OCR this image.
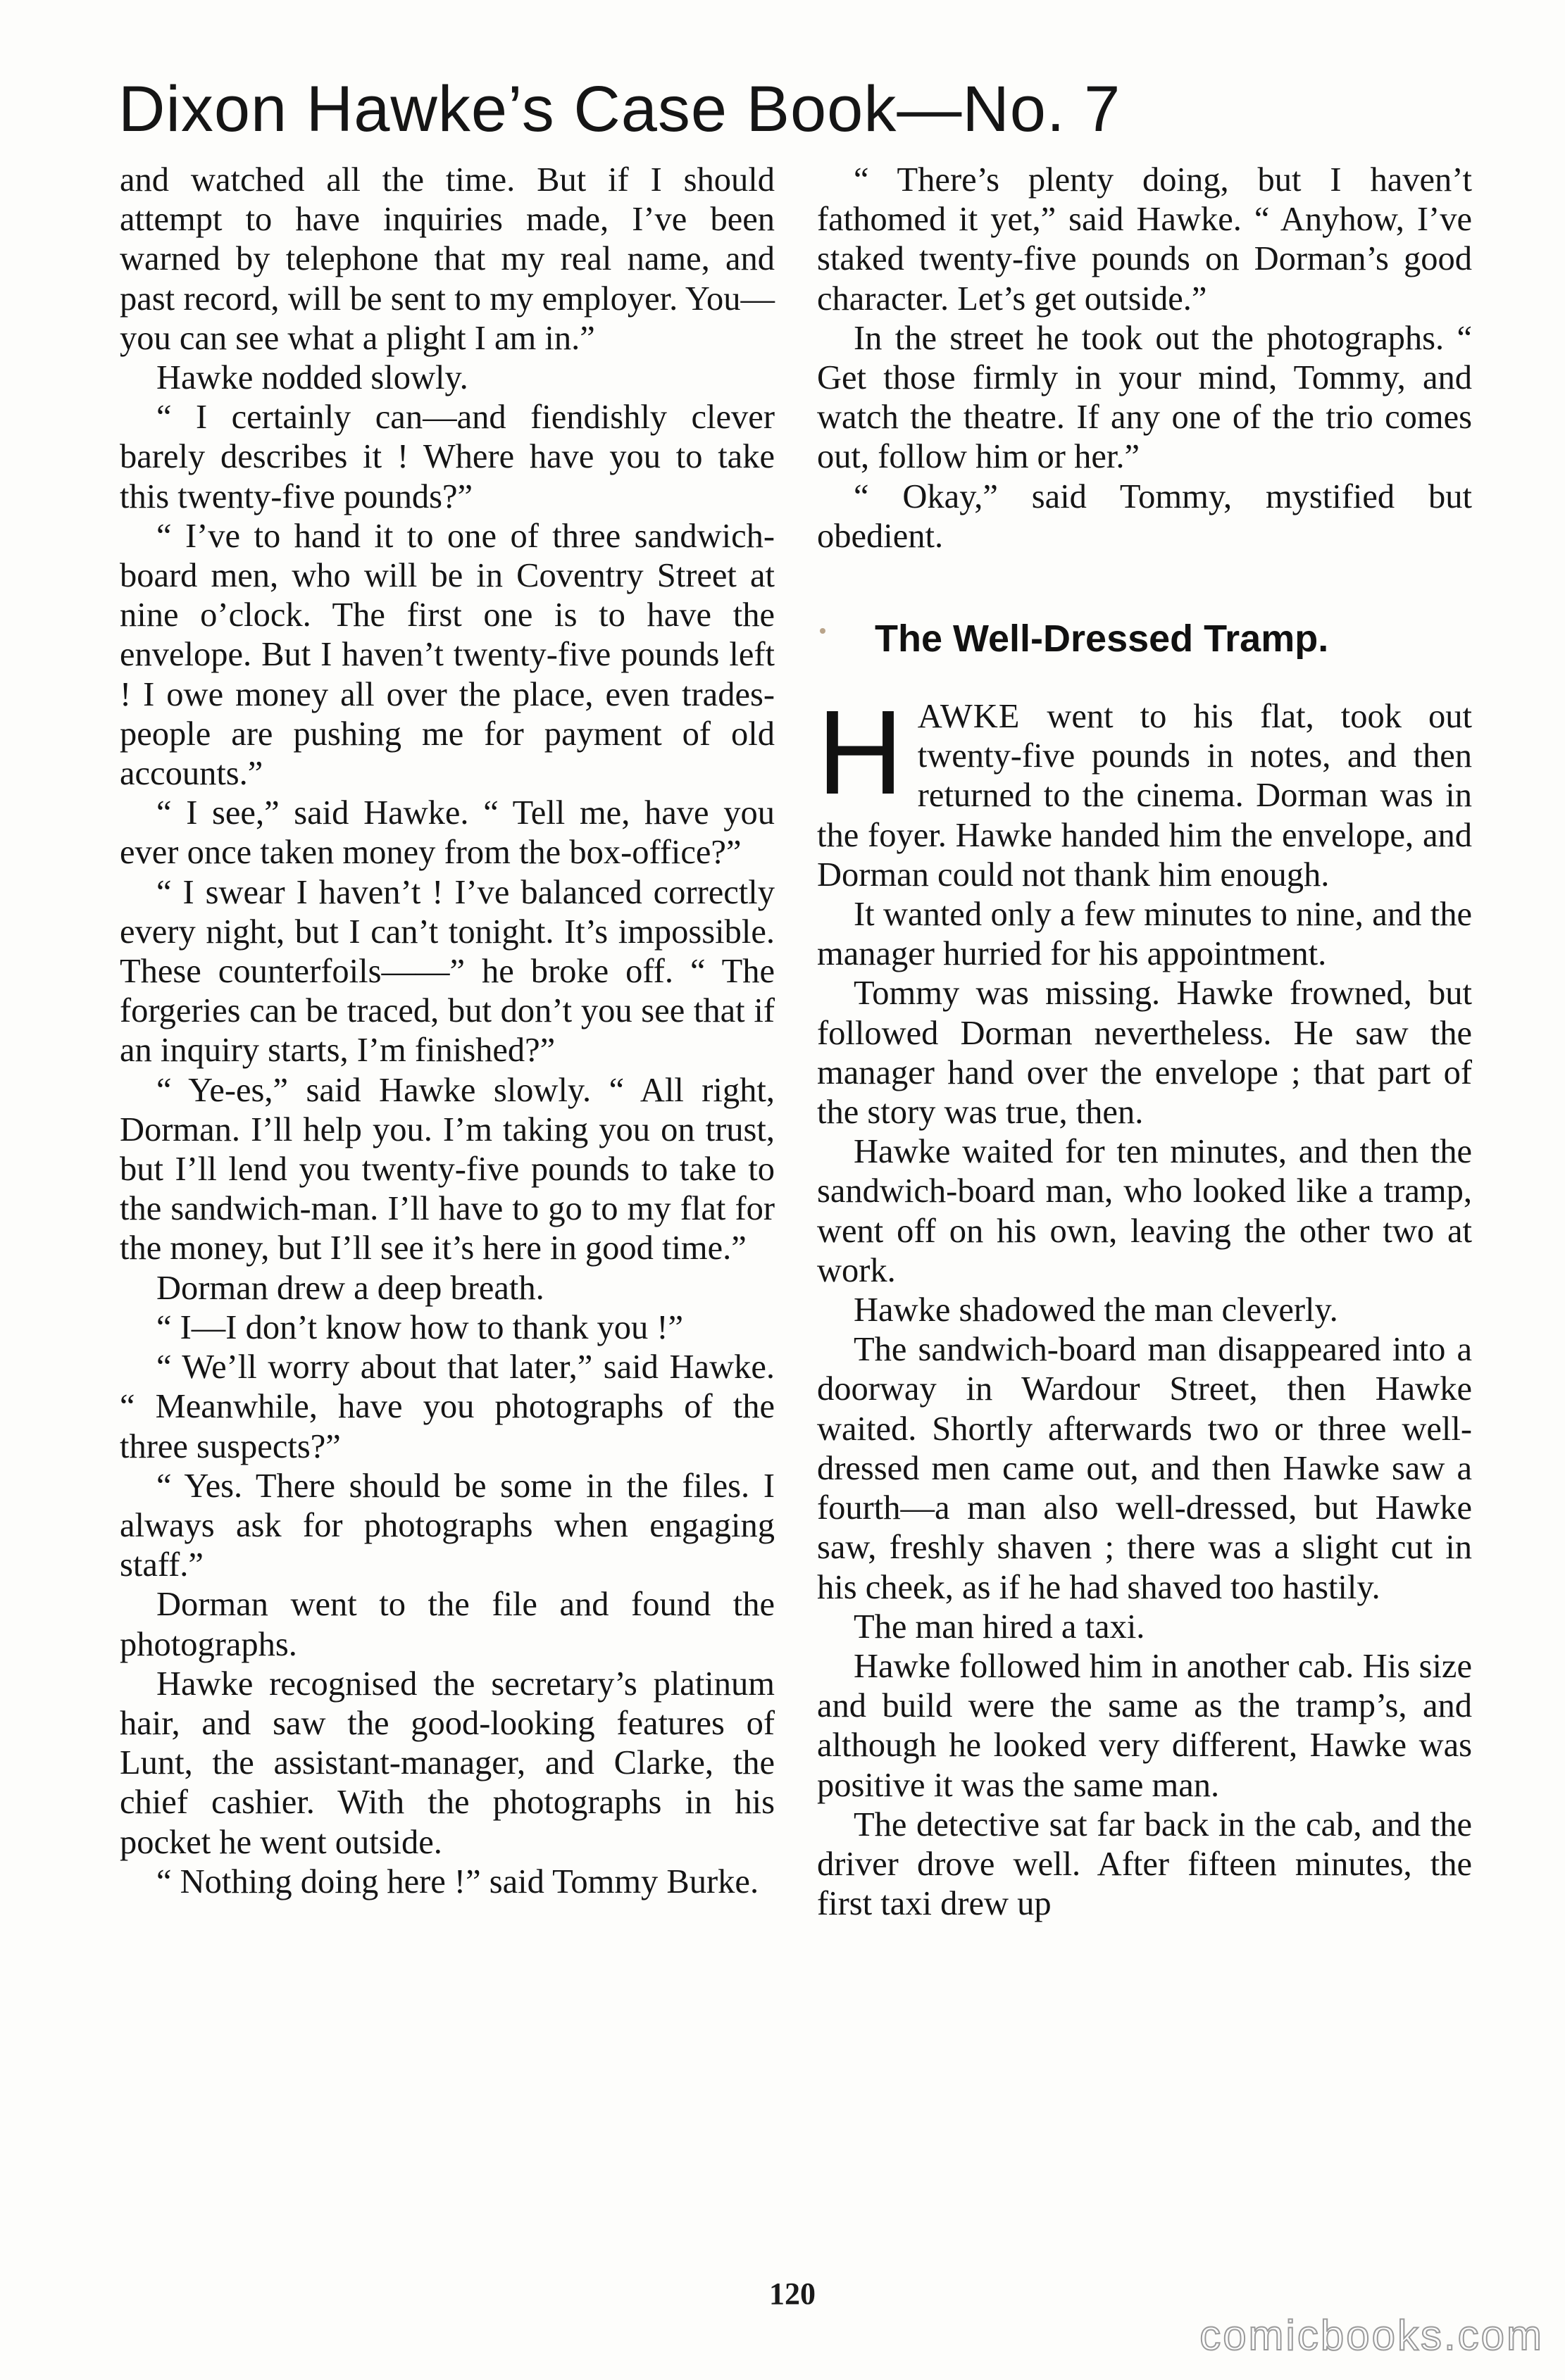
Dixon Hawke’s Case Book—No. 7

and watched all the time. But if I should attempt to have inquiries made, I’ve been warned by telephone that my real name, and past record, will be sent to my employer. You—you can see what a plight I am in.”

Hawke nodded slowly.

“ I certainly can—and fiendishly clever barely describes it ! Where have you to take this twenty-five pounds?”

“ I’ve to hand it to one of three sandwich-board men, who will be in Coventry Street at nine o’clock. The first one is to have the envelope. But I haven’t twenty-five pounds left ! I owe money all over the place, even trades-people are pushing me for payment of old accounts.”

“ I see,” said Hawke. “ Tell me, have you ever once taken money from the box-office?”

“ I swear I haven’t ! I’ve balanced correctly every night, but I can’t tonight. It’s impossible. These counterfoils——” he broke off. “ The forgeries can be traced, but don’t you see that if an inquiry starts, I’m finished?”

“ Ye-es,” said Hawke slowly. “ All right, Dorman. I’ll help you. I’m taking you on trust, but I’ll lend you twenty-five pounds to take to the sandwich-man. I’ll have to go to my flat for the money, but I’ll see it’s here in good time.”

Dorman drew a deep breath.

“ I—I don’t know how to thank you !”

“ We’ll worry about that later,” said Hawke. “ Meanwhile, have you photographs of the three suspects?”

“ Yes. There should be some in the files. I always ask for photographs when engaging staff.”

Dorman went to the file and found the photographs.

Hawke recognised the secretary’s platinum hair, and saw the good-looking features of Lunt, the assistant-manager, and Clarke, the chief cashier. With the photographs in his pocket he went outside.

“ Nothing doing here !” said Tommy Burke.

“ There’s plenty doing, but I haven’t fathomed it yet,” said Hawke. “ Anyhow, I’ve staked twenty-five pounds on Dorman’s good character. Let’s get outside.”

In the street he took out the photographs. “ Get those firmly in your mind, Tommy, and watch the theatre. If any one of the trio comes out, follow him or her.”

“ Okay,” said Tommy, mystified but obedient.

The Well-Dressed Tramp.

HAWKE went to his flat, took out twenty-five pounds in notes, and then returned to the cinema. Dorman was in the foyer. Hawke handed him the envelope, and Dorman could not thank him enough.

It wanted only a few minutes to nine, and the manager hurried for his appointment.

Tommy was missing. Hawke frowned, but followed Dorman nevertheless. He saw the manager hand over the envelope ; that part of the story was true, then.

Hawke waited for ten minutes, and then the sandwich-board man, who looked like a tramp, went off on his own, leaving the other two at work.

Hawke shadowed the man cleverly.

The sandwich-board man disappeared into a doorway in Wardour Street, then Hawke waited. Shortly afterwards two or three well-dressed men came out, and then Hawke saw a fourth—a man also well-dressed, but Hawke saw, freshly shaven ; there was a slight cut in his cheek, as if he had shaved too hastily.

The man hired a taxi.

Hawke followed him in another cab. His size and build were the same as the tramp’s, and although he looked very different, Hawke was positive it was the same man.

The detective sat far back in the cab, and the driver drove well. After fifteen minutes, the first taxi drew up

120
comicbooks.com
